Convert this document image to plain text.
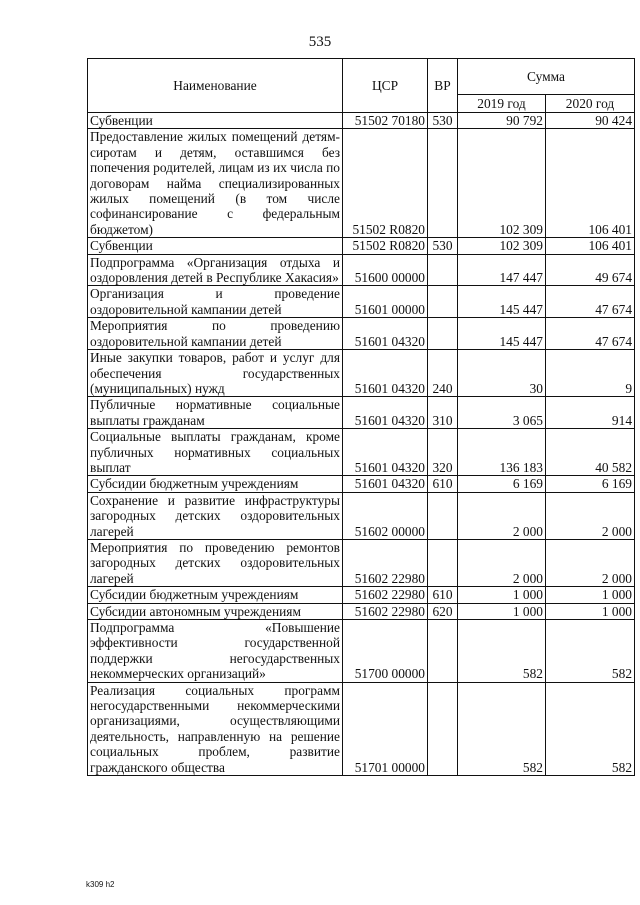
535
Наименование	ЦСР	ВР	Сумма	
			2019 год	2020 год
Субвенции	51502 70180	530	90 792	90 424
Предоставление жилых помещений детям-сиротам и детям, оставшимся без попечения родителей, лицам из их числа по договорам найма специализированных жилых помещений (в том числе софинансирование с федеральным бюджетом)	51502 R0820		102 309	106 401
Субвенции	51502 R0820	530	102 309	106 401
Подпрограмма «Организация отдыха и оздоровления детей в Республике Хакасия»	51600 00000		147 447	49 674
Организация и проведение оздоровительной кампании детей	51601 00000		145 447	47 674
Мероприятия по проведению оздоровительной кампании детей	51601 04320		145 447	47 674
Иные закупки товаров, работ и услуг для обеспечения государственных (муниципальных) нужд	51601 04320	240	30	9
Публичные нормативные социальные выплаты гражданам	51601 04320	310	3 065	914
Социальные выплаты гражданам, кроме публичных нормативных социальных выплат	51601 04320	320	136 183	40 582
Субсидии бюджетным учреждениям	51601 04320	610	6 169	6 169
Сохранение и развитие инфраструктуры загородных детских оздоровительных лагерей	51602 00000		2 000	2 000
Мероприятия по проведению ремонтов загородных детских оздоровительных лагерей	51602 22980		2 000	2 000
Субсидии бюджетным учреждениям	51602 22980	610	1 000	1 000
Субсидии автономным учреждениям	51602 22980	620	1 000	1 000
Подпрограмма «Повышение эффективности государственной поддержки негосударственных некоммерческих организаций»	51700 00000		582	582
Реализация социальных программ негосударственными некоммерческими организациями, осуществляющими деятельность, направленную на решение социальных проблем, развитие гражданского общества	51701 00000		582	582
k309 h2
